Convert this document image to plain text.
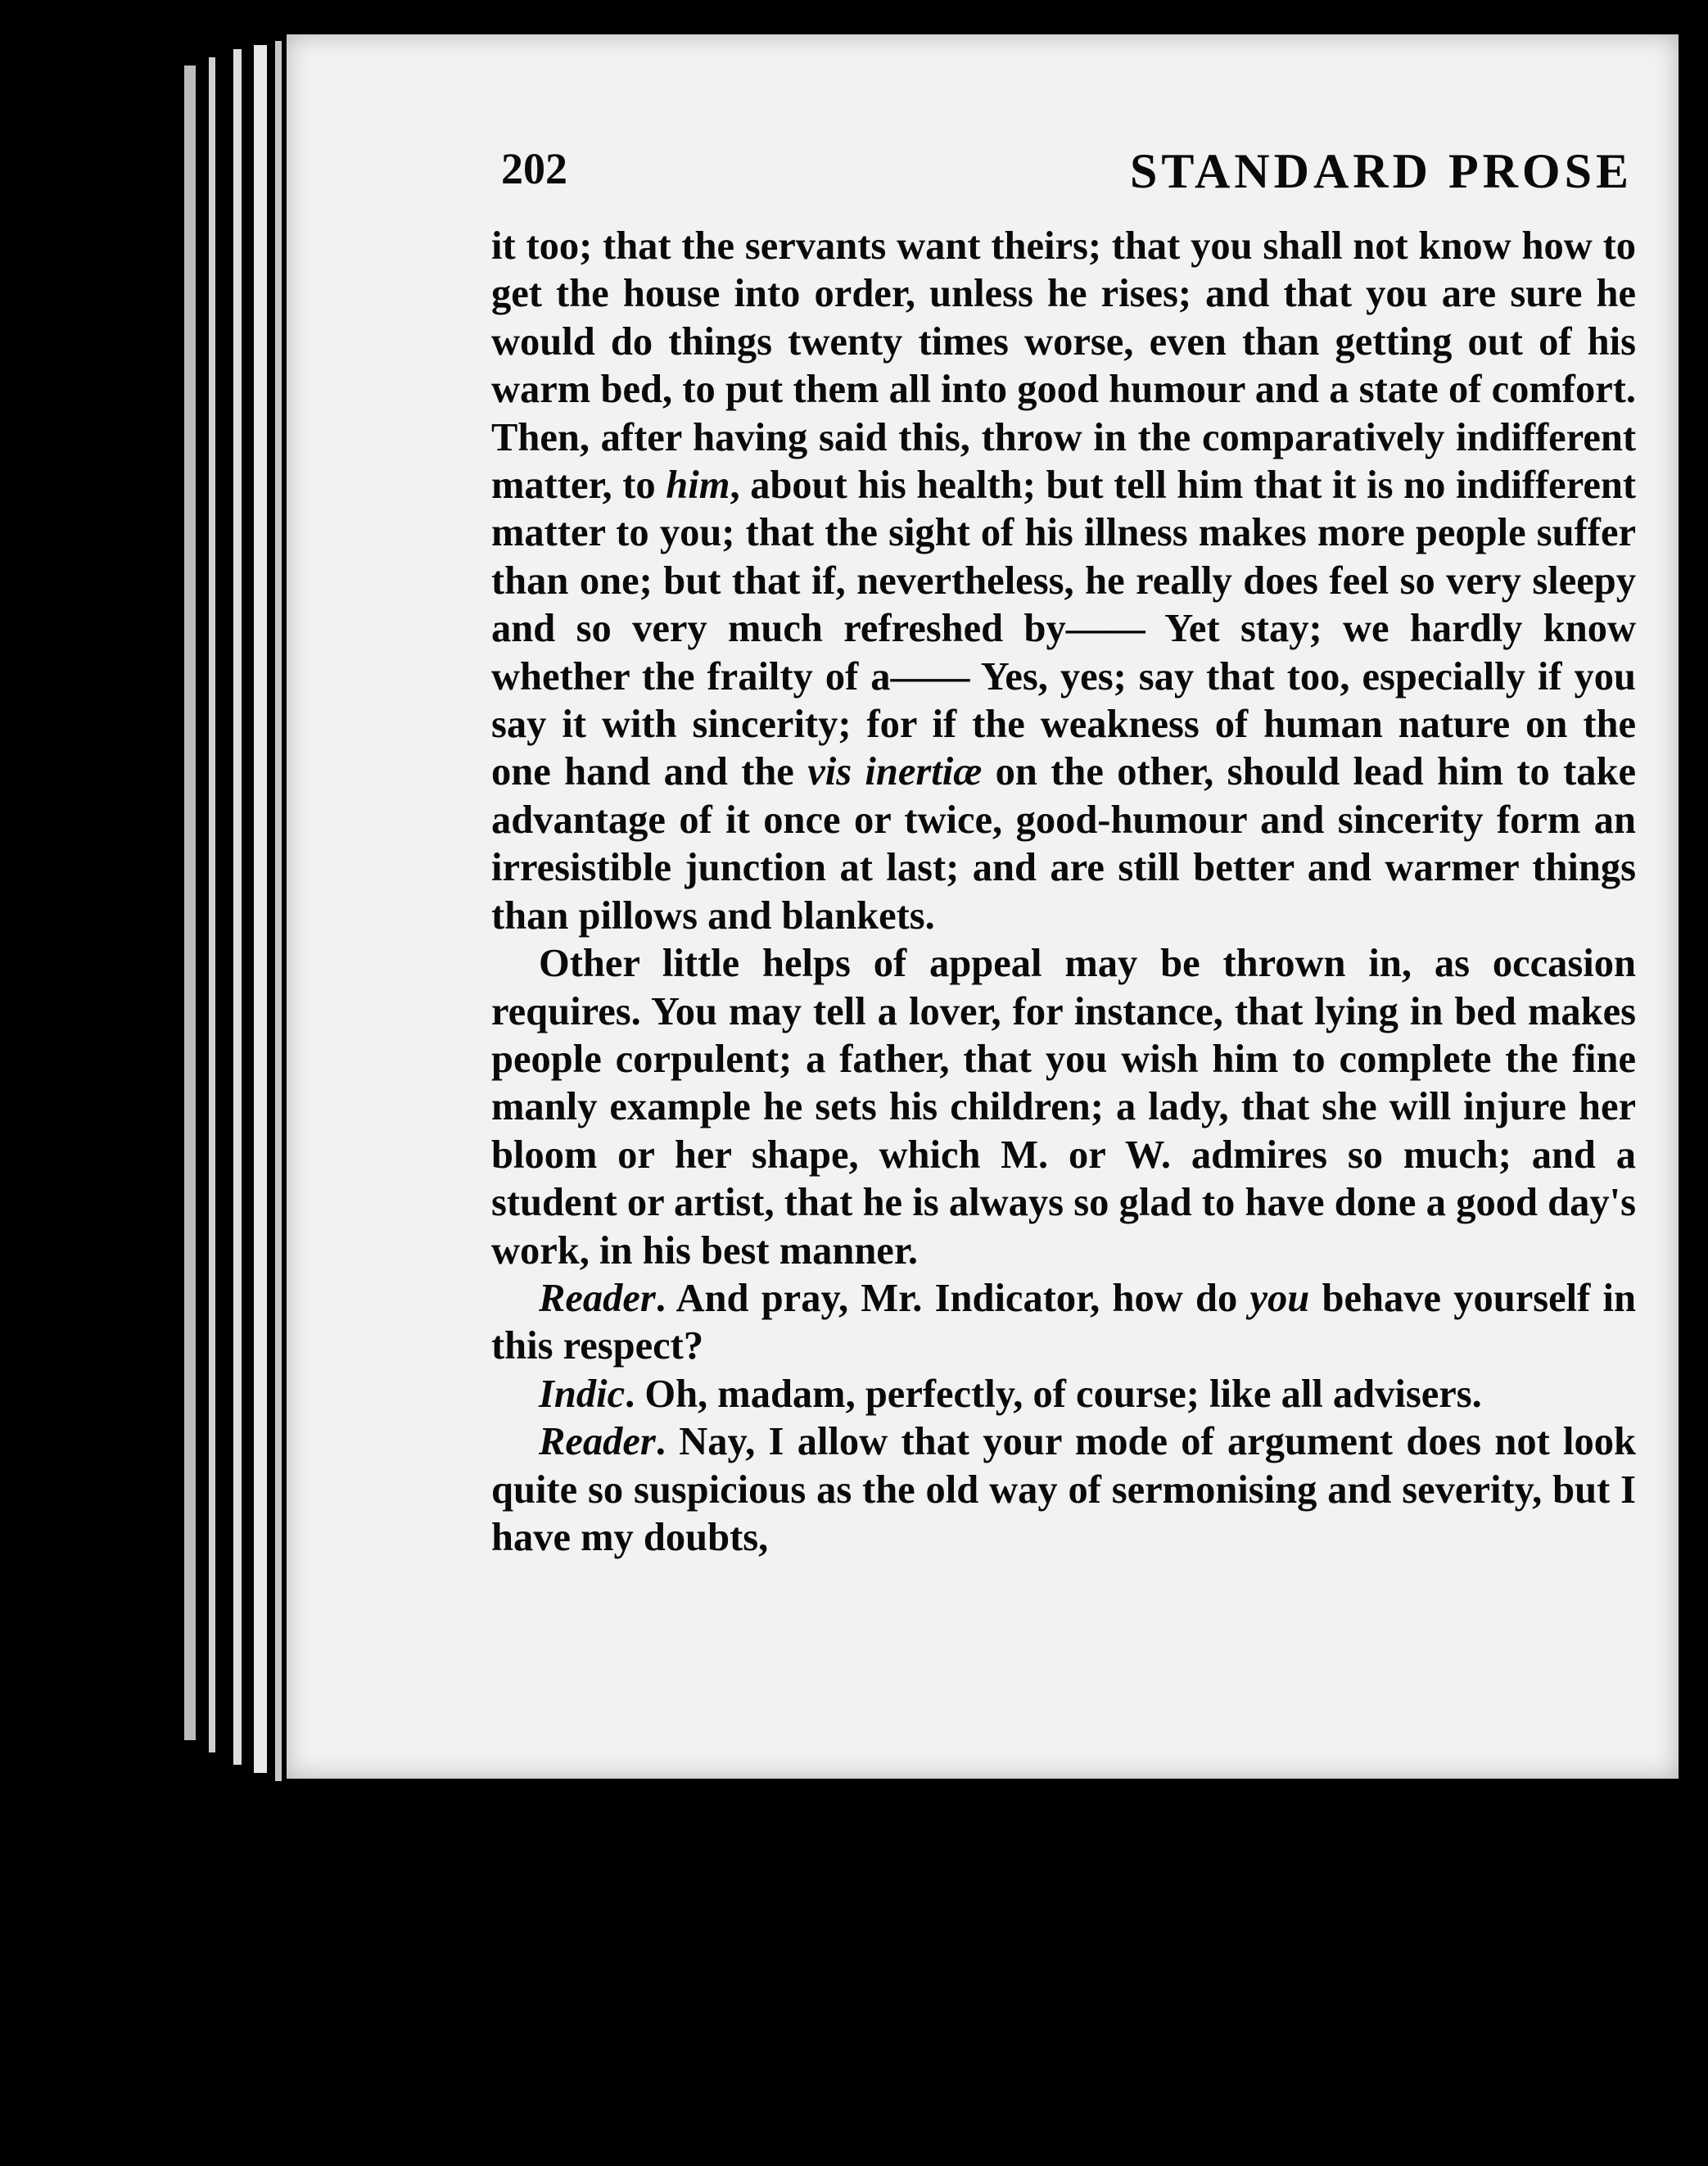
202	STANDARD PROSE

it too; that the servants want theirs; that you shall not know how to get the house into order, unless he rises; and that you are sure he would do things twenty times worse, even than getting out of his warm bed, to put them all into good humour and a state of comfort. Then, after having said this, throw in the comparatively indifferent matter, to him, about his health; but tell him that it is no indifferent matter to you; that the sight of his illness makes more people suffer than one; but that if, nevertheless, he really does feel so very sleepy and so very much refreshed by—— Yet stay; we hardly know whether the frailty of a—— Yes, yes; say that too, especially if you say it with sincerity; for if the weakness of human nature on the one hand and the vis inertiæ on the other, should lead him to take advantage of it once or twice, good-humour and sincerity form an irresistible junction at last; and are still better and warmer things than pillows and blankets.

Other little helps of appeal may be thrown in, as occasion requires. You may tell a lover, for instance, that lying in bed makes people corpulent; a father, that you wish him to complete the fine manly example he sets his children; a lady, that she will injure her bloom or her shape, which M. or W. admires so much; and a student or artist, that he is always so glad to have done a good day's work, in his best manner.

Reader. And pray, Mr. Indicator, how do you behave yourself in this respect?

Indic. Oh, madam, perfectly, of course; like all advisers.

Reader. Nay, I allow that your mode of argument does not look quite so suspicious as the old way of sermonising and severity, but I have my doubts,
